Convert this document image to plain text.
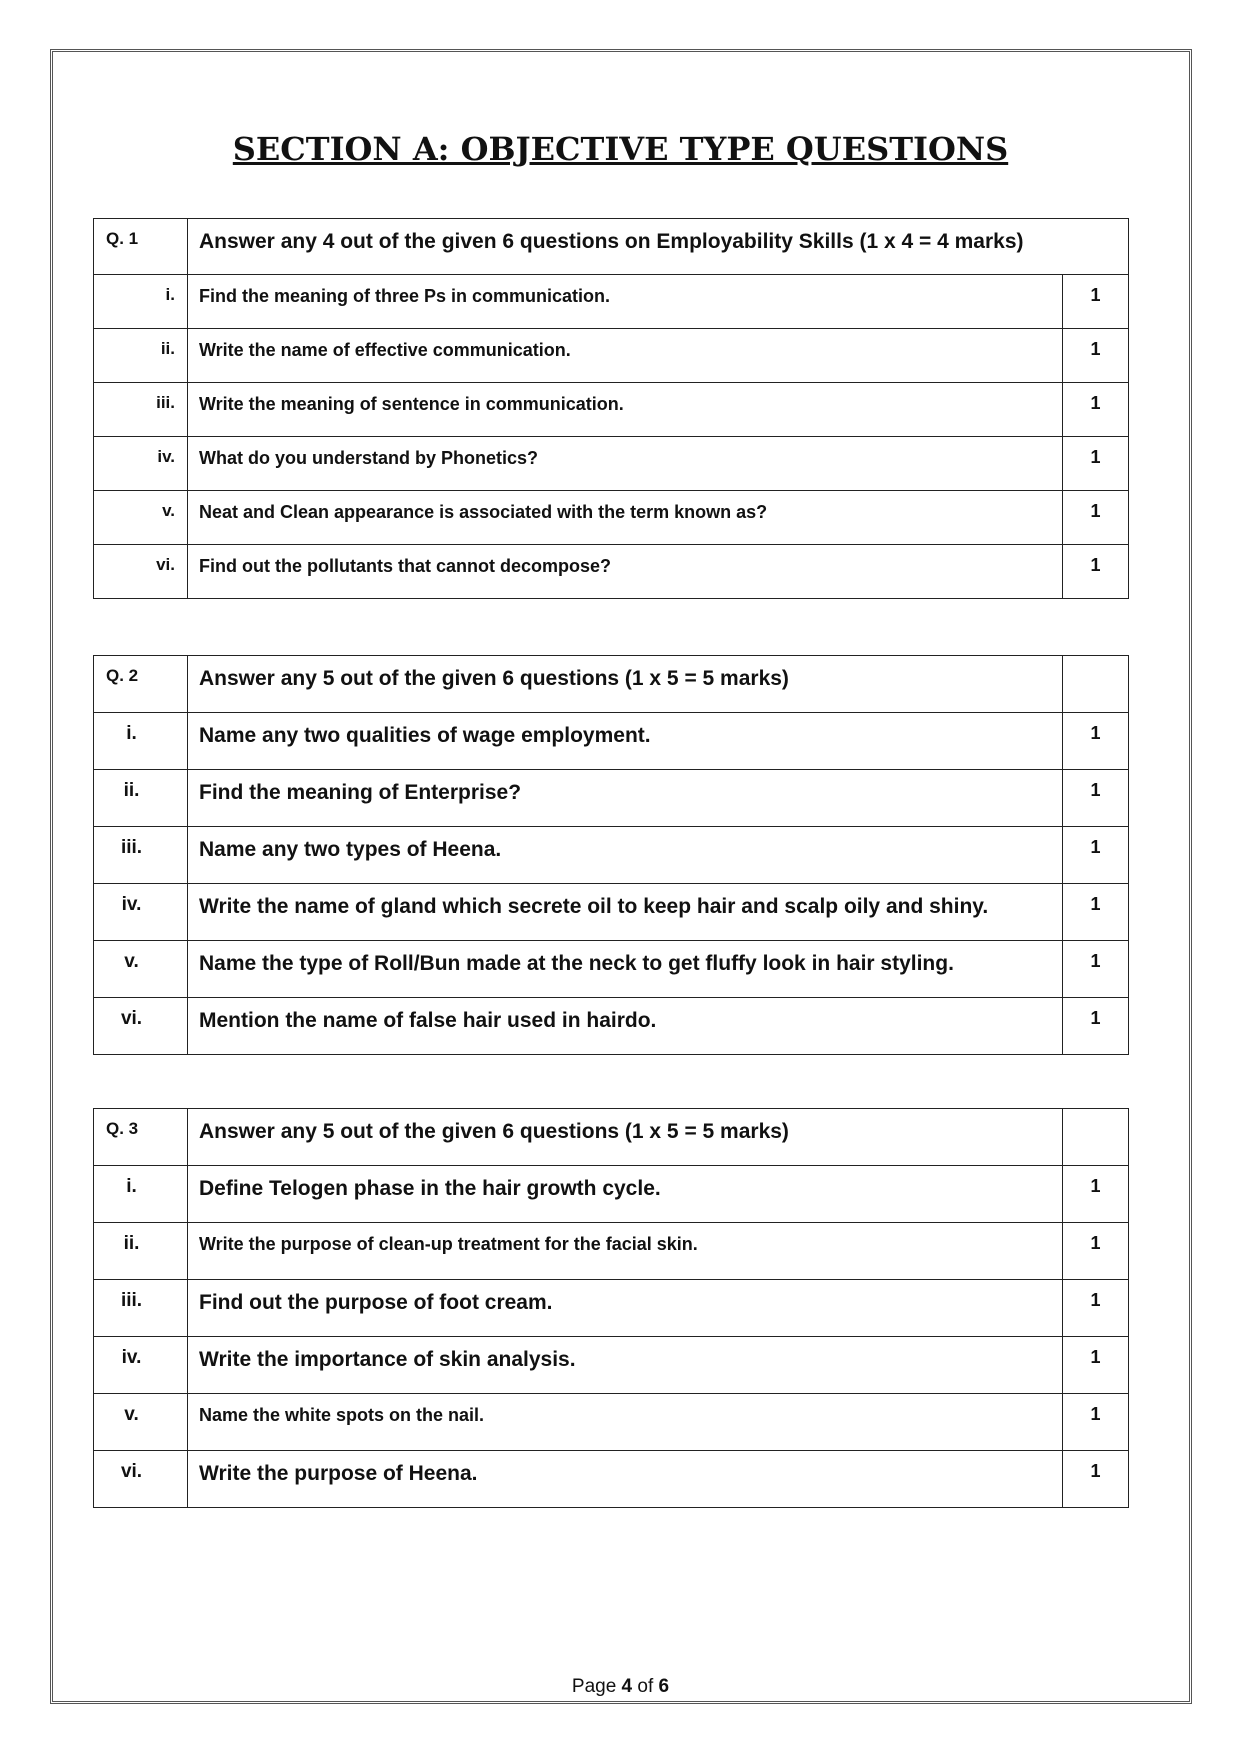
SECTION A: OBJECTIVE TYPE QUESTIONS
Q. 1	Answer any 4 out of the given 6 questions on Employability Skills (1 x 4 = 4 marks)	
i.	Find the meaning of three Ps in communication.	1
ii.	Write the name of effective communication.	1
iii.	Write the meaning of sentence in communication.	1
iv.	What do you understand by Phonetics?	1
v.	Neat and Clean appearance is associated with the term known as?	1
vi.	Find out the pollutants that cannot decompose?	1
Q. 2	Answer any 5 out of the given 6 questions (1 x 5 = 5 marks)	
i.	Name any two qualities of wage employment.	1
ii.	Find the meaning of Enterprise?	1
iii.	Name any two types of Heena.	1
iv.	Write the name of gland which secrete oil to keep hair and scalp oily and shiny.	1
v.	Name the type of Roll/Bun made at the neck to get fluffy look in hair styling.	1
vi.	Mention the name of false hair used in hairdo.	1
Q. 3	Answer any 5 out of the given 6 questions (1 x 5 = 5 marks)	
i.	Define Telogen phase in the hair growth cycle.	1
ii.	Write the purpose of clean-up treatment for the facial skin.	1
iii.	Find out the purpose of foot cream.	1
iv.	Write the importance of skin analysis.	1
v.	Name the white spots on the nail.	1
vi.	Write the purpose of Heena.	1
Page 4 of 6
